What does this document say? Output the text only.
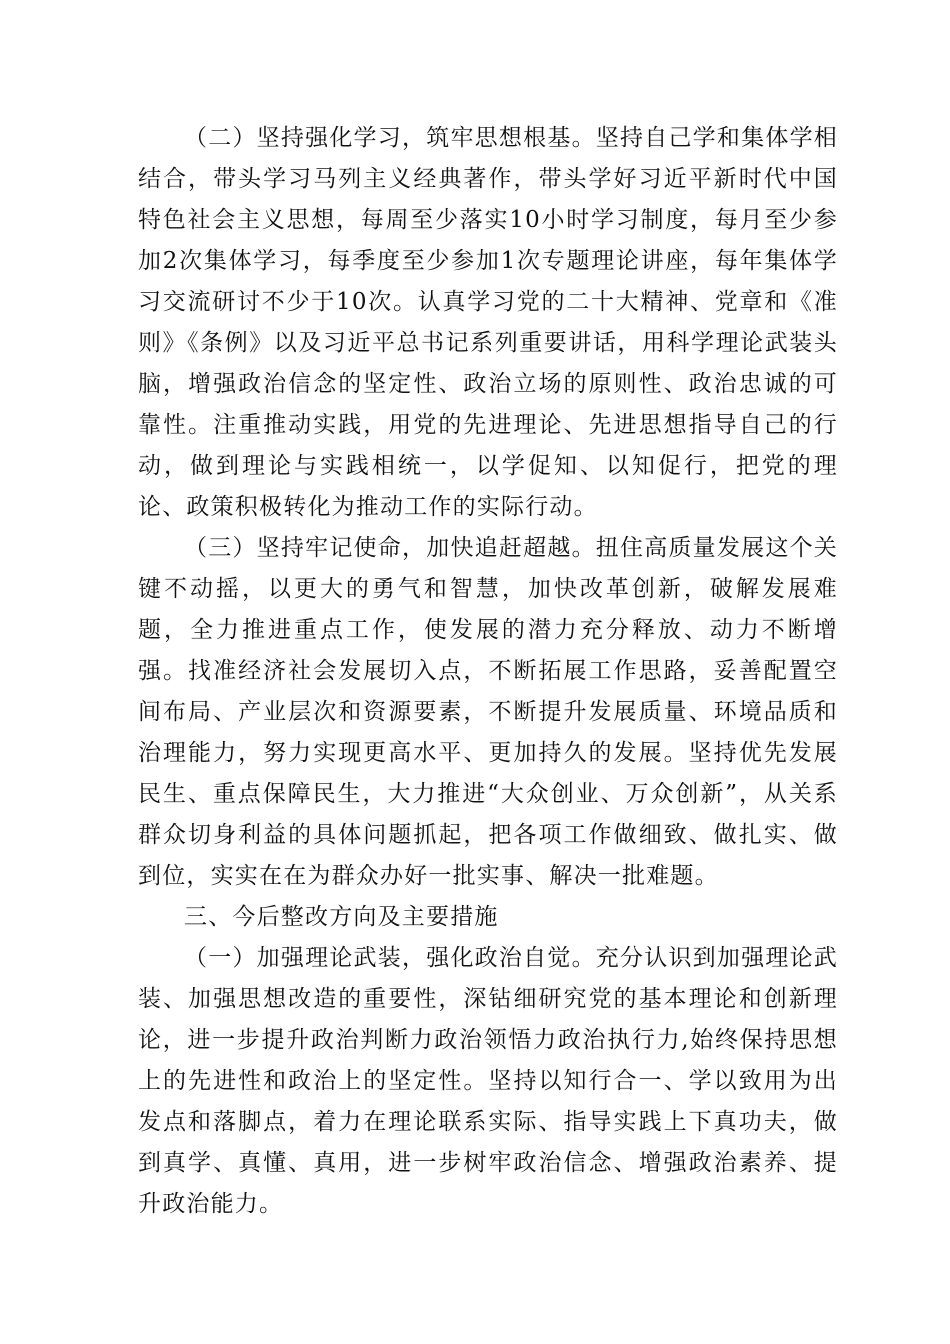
（二）坚持强化学习，筑牢思想根基。坚持自己学和集体学相结合，带头学习马列主义经典著作，带头学好习近平新时代中国特色社会主义思想，每周至少落实10小时学习制度，每月至少参加2次集体学习，每季度至少参加1次专题理论讲座，每年集体学习交流研讨不少于10次。认真学习党的二十大精神、党章和《准则》《条例》以及习近平总书记系列重要讲话，用科学理论武装头脑，增强政治信念的坚定性、政治立场的原则性、政治忠诚的可靠性。注重推动实践，用党的先进理论、先进思想指导自己的行动，做到理论与实践相统一，以学促知、以知促行，把党的理论、政策积极转化为推动工作的实际行动。

（三）坚持牢记使命，加快追赶超越。扭住高质量发展这个关键不动摇，以更大的勇气和智慧，加快改革创新，破解发展难题，全力推进重点工作，使发展的潜力充分释放、动力不断增强。找准经济社会发展切入点，不断拓展工作思路，妥善配置空间布局、产业层次和资源要素，不断提升发展质量、环境品质和治理能力，努力实现更高水平、更加持久的发展。坚持优先发展民生、重点保障民生，大力推进“大众创业、万众创新”，从关系群众切身利益的具体问题抓起，把各项工作做细致、做扎实、做到位，实实在在为群众办好一批实事、解决一批难题。

三、今后整改方向及主要措施

（一）加强理论武装，强化政治自觉。充分认识到加强理论武装、加强思想改造的重要性，深钻细研究党的基本理论和创新理论，进一步提升政治判断力政治领悟力政治执行力,始终保持思想上的先进性和政治上的坚定性。坚持以知行合一、学以致用为出发点和落脚点，着力在理论联系实际、指导实践上下真功夫，做到真学、真懂、真用，进一步树牢政治信念、增强政治素养、提升政治能力。
